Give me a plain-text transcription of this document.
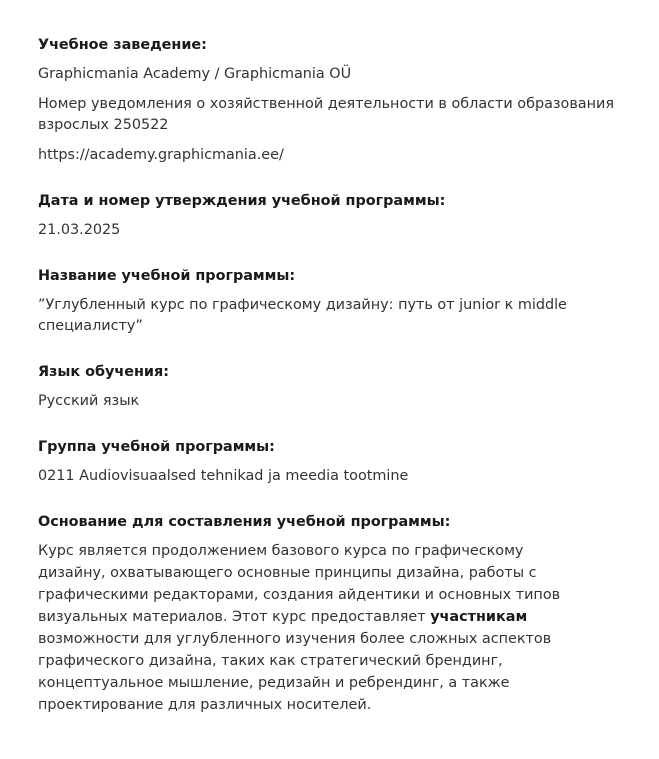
Учебное заведение:

Graphicmania Academy / Graphicmania OÜ

Номер уведомления о хозяйственной деятельности в области образования взрослых 250522

https://academy.graphicmania.ee/

Дата и номер утверждения учебной программы:

21.03.2025

Название учебной программы:

”Углубленный курс по графическому дизайну: путь от junior к middle специалисту”

Язык обучения:

Русский язык

Группа учебной программы:

0211 Audiovisuaalsed tehnikad ja meedia tootmine

Основание для составления учебной программы:

Курс является продолжением базового курса по графическому дизайну, охватывающего основные принципы дизайна, работы с графическими редакторами, создания айдентики и основных типов визуальных материалов. Этот курс предоставляет участникам возможности для углубленного изучения более сложных аспектов графического дизайна, таких как стратегический брендинг, концептуальное мышление, редизайн и ребрендинг, а также проектирование для различных носителей.
